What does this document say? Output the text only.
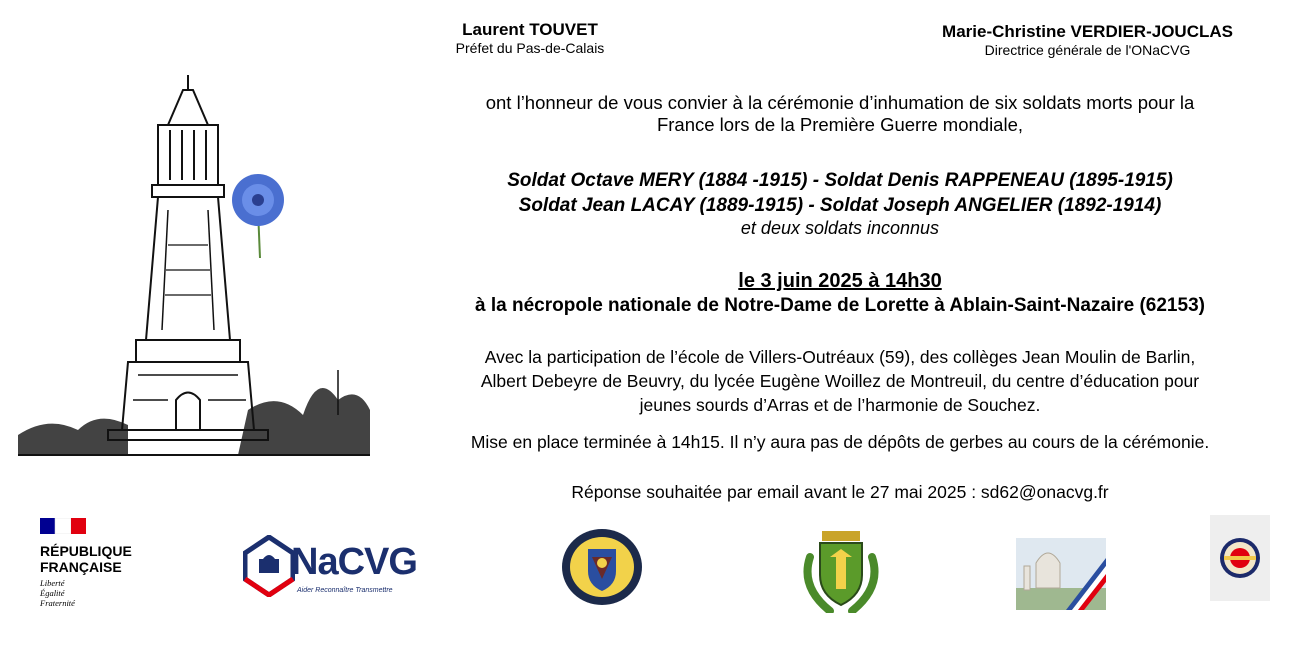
Laurent TOUVET
Préfet du Pas-de-Calais
Marie-Christine VERDIER-JOUCLAS
Directrice générale de l'ONaCVG
ont l’honneur de vous convier à la cérémonie d’inhumation de six soldats morts pour la
France lors de la Première Guerre mondiale,
Soldat Octave MERY (1884 -1915) - Soldat Denis RAPPENEAU (1895-1915)
Soldat Jean LACAY (1889-1915) - Soldat Joseph ANGELIER (1892-1914)
et deux soldats inconnus
le 3 juin 2025 à 14h30
à la nécropole nationale de Notre-Dame de Lorette à Ablain-Saint-Nazaire (62153)
Avec la participation de l’école de Villers-Outréaux (59), des collèges Jean Moulin de Barlin,
Albert Debeyre de Beuvry, du lycée Eugène Woillez de Montreuil, du centre d’éducation pour
jeunes sourds d’Arras et de l’harmonie de Souchez.
Mise en place terminée à 14h15. Il n’y aura pas de dépôts de gerbes au cours de la cérémonie.
Réponse souhaitée par email avant le 27 mai 2025 : sd62@onacvg.fr
RÉPUBLIQUE
FRANÇAISE
Liberté
Égalité
Fraternité
NaCVG
Aider Reconnaître Transmettre
